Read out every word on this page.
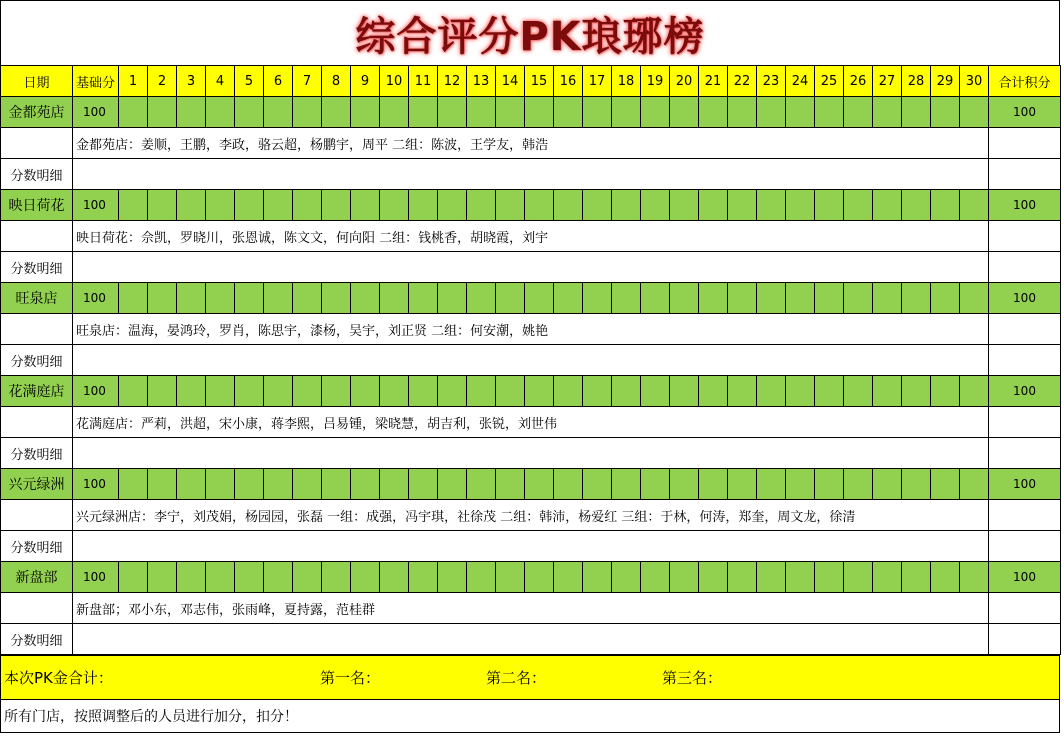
综合评分PK琅琊榜
日期	基础分	1	2	3	4	5	6	7	8	9	10	11	12	13	14	15	16	17	18	19	20	21	22	23	24	25	26	27	28	29	30	合计积分
金都苑店	100																															100
	金都苑店：姜顺，王鹏，李政，骆云超，杨鹏宇，周平 二组：陈波，王学友，韩浩																															
分数明细																																
映日荷花	100																															100
	映日荷花：佘凯，罗晓川，张恩诚，陈文文，何向阳 二组：钱桃香，胡晓霞，刘宇																															
分数明细																																
旺泉店	100																															100
	旺泉店：温海，晏鸿玲，罗肖，陈思宇，漆杨，吴宇，刘正贤 二组：何安潮，姚艳																															
分数明细																																
花满庭店	100																															100
	花满庭店：严莉，洪超，宋小康，蒋李熙，吕易锺，梁晓慧，胡吉利，张锐，刘世伟																															
分数明细																																
兴元绿洲	100																															100
	兴元绿洲店：李宁，刘茂娟，杨园园，张磊 一组：成强，冯宇琪，社徐茂 二组：韩沛，杨爱红 三组：于林，何涛，郑奎，周文龙，徐清																															
分数明细																																
新盘部	100																															100
	新盘部；邓小东，邓志伟，张雨峰，夏持露，范桂群																															
分数明细																																
本次PK金合计：	第一名：	第二名：	第三名：
所有门店，按照调整后的人员进行加分，扣分！
